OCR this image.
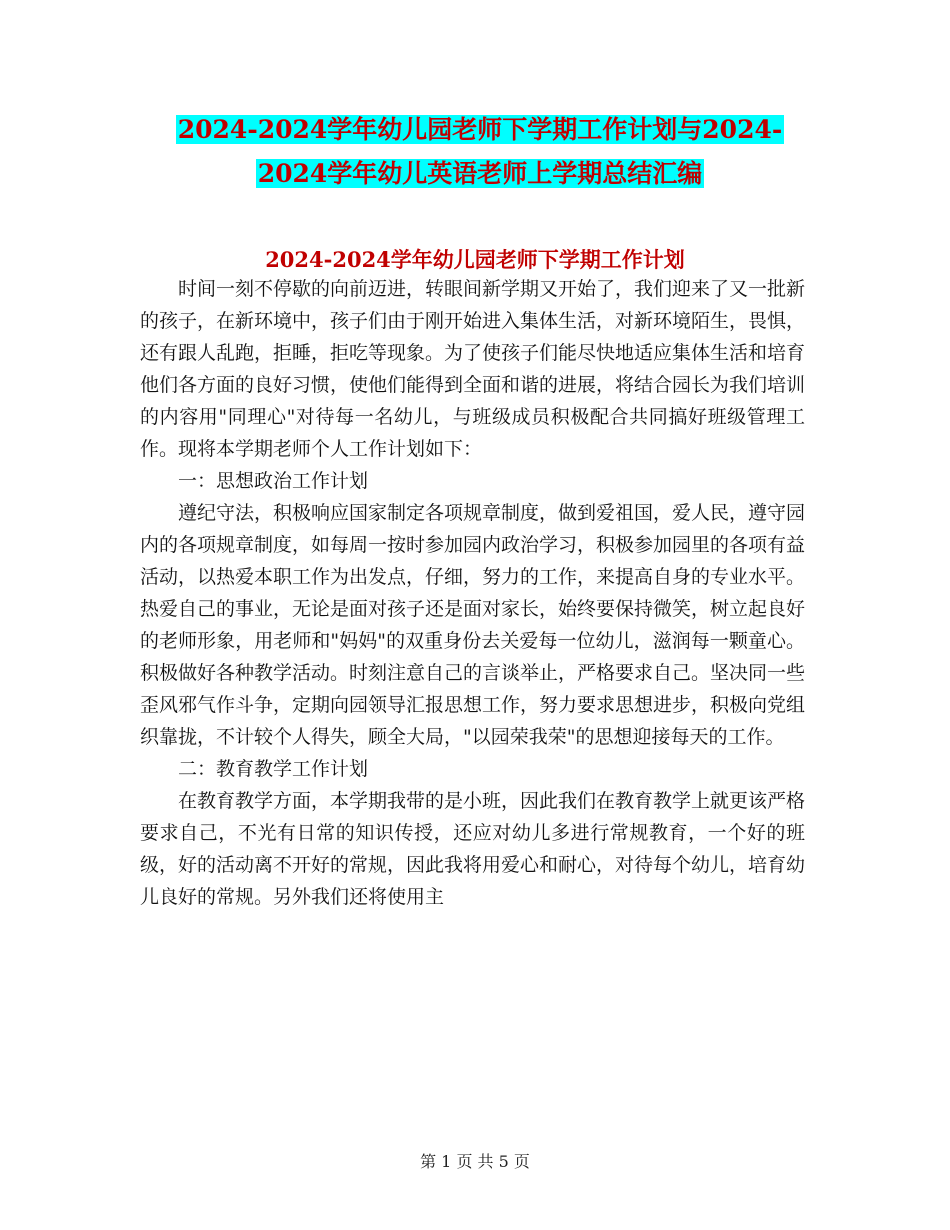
2024-2024学年幼儿园老师下学期工作计划与2024-
2024学年幼儿英语老师上学期总结汇编
2024-2024学年幼儿园老师下学期工作计划

时间一刻不停歇的向前迈进，转眼间新学期又开始了，我们迎来了又一批新的孩子，在新环境中，孩子们由于刚开始进入集体生活，对新环境陌生，畏惧，还有跟人乱跑，拒睡，拒吃等现象。为了使孩子们能尽快地适应集体生活和培育他们各方面的良好习惯，使他们能得到全面和谐的进展，将结合园长为我们培训的内容用"同理心"对待每一名幼儿，与班级成员积极配合共同搞好班级管理工作。现将本学期老师个人工作计划如下：

一：思想政治工作计划

遵纪守法，积极响应国家制定各项规章制度，做到爱祖国，爱人民，遵守园内的各项规章制度，如每周一按时参加园内政治学习，积极参加园里的各项有益活动，以热爱本职工作为出发点，仔细，努力的工作，来提高自身的专业水平。热爱自己的事业，无论是面对孩子还是面对家长，始终要保持微笑，树立起良好的老师形象，用老师和"妈妈"的双重身份去关爱每一位幼儿，滋润每一颗童心。积极做好各种教学活动。时刻注意自己的言谈举止，严格要求自己。坚决同一些歪风邪气作斗争，定期向园领导汇报思想工作，努力要求思想进步，积极向党组织靠拢，不计较个人得失，顾全大局，"以园荣我荣"的思想迎接每天的工作。

二：教育教学工作计划

在教育教学方面，本学期我带的是小班，因此我们在教育教学上就更该严格要求自己，不光有日常的知识传授，还应对幼儿多进行常规教育，一个好的班级，好的活动离不开好的常规，因此我将用爱心和耐心，对待每个幼儿，培育幼儿良好的常规。另外我们还将使用主

第 1 页 共 5 页
